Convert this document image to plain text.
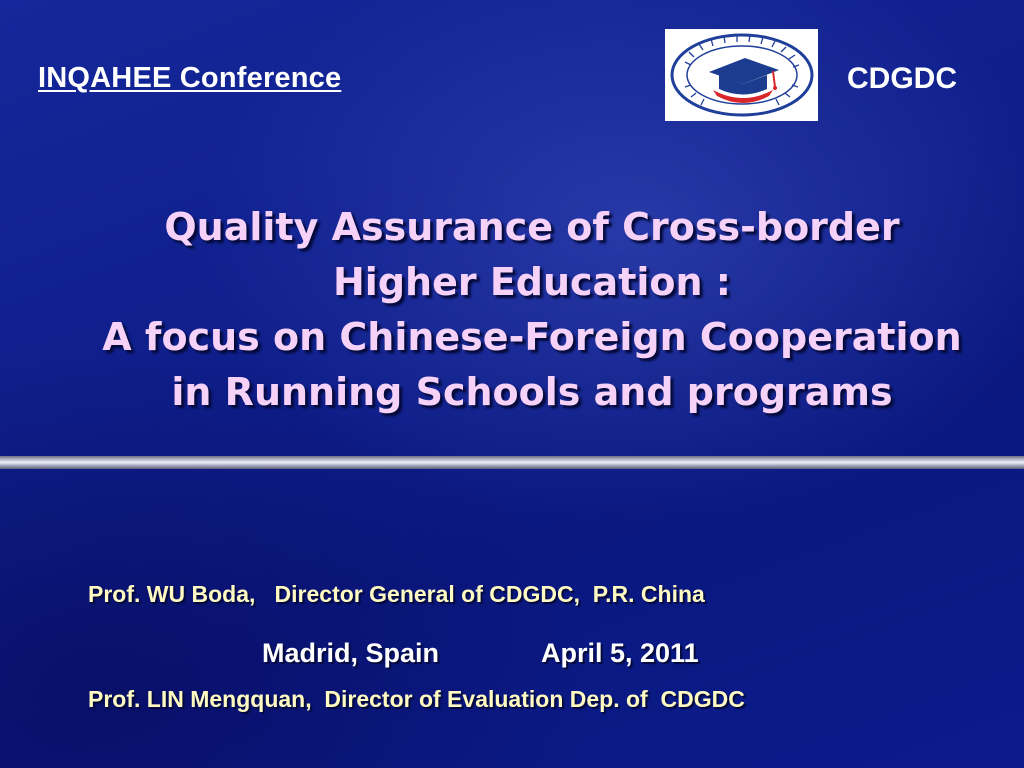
INQAHEE Conference	CDGDC
Quality Assurance of Cross-border
Higher Education :
A focus on Chinese-Foreign Cooperation
in Running Schools and programs

Prof. WU Boda,   Director General of CDGDC,  P.R. China

Prof. LIN Mengquan,  Director of Evaluation Dep. of  CDGDC

Madrid, Spain	April 5, 2011
